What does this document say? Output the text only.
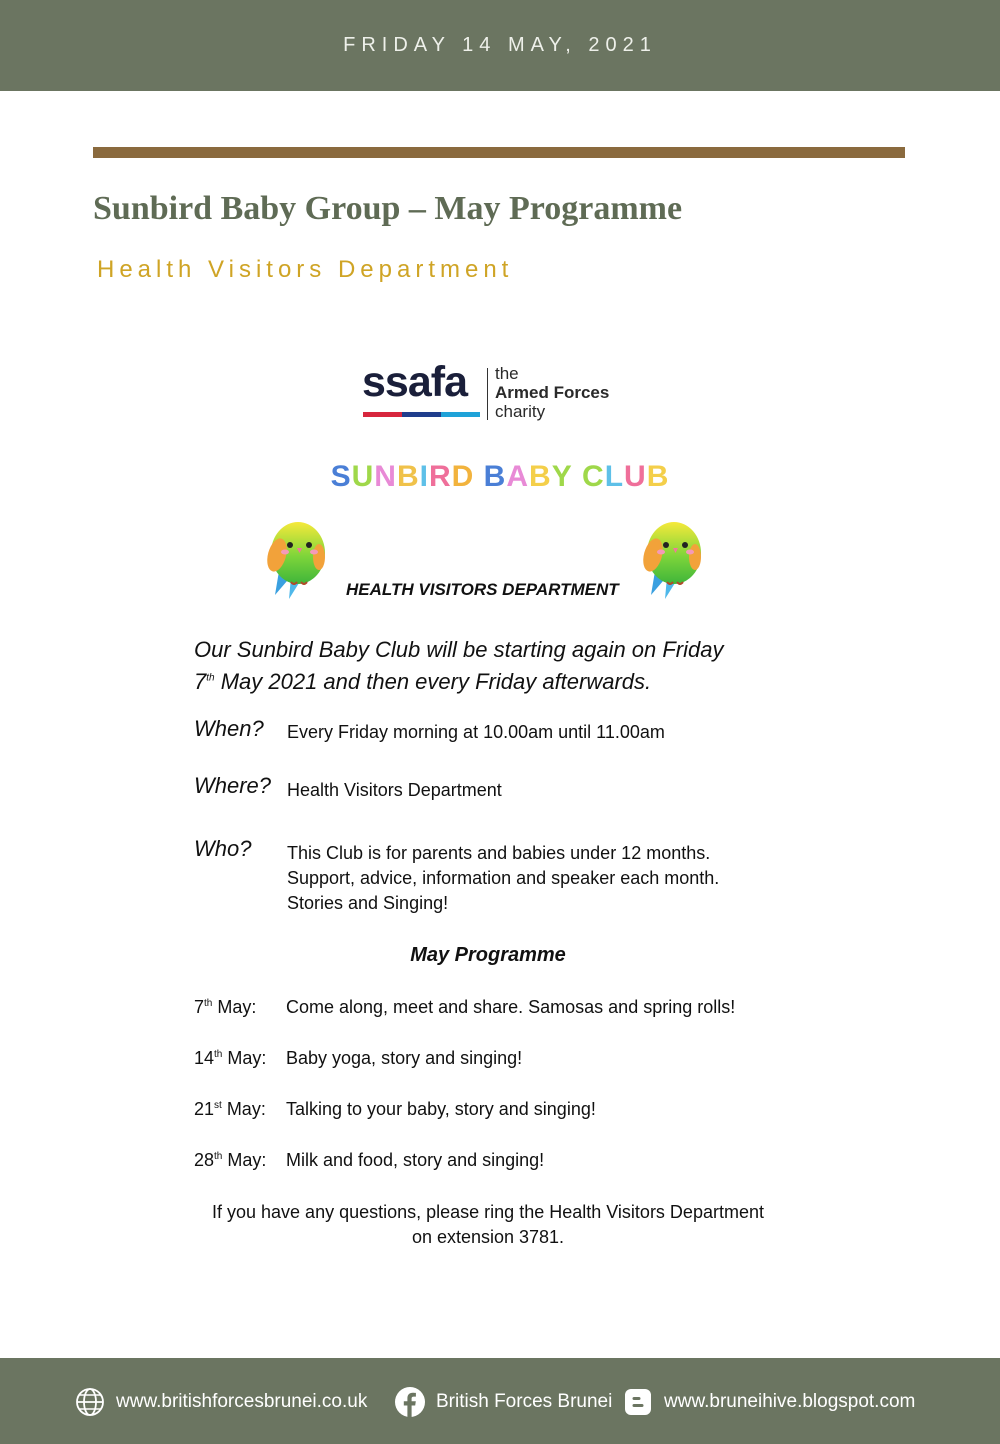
FRIDAY 14 MAY, 2021
Sunbird Baby Group – May Programme
Health Visitors Department
ssafa the
Armed Forces
charity
SUNBIRD BABY CLUB
HEALTH VISITORS DEPARTMENT
Our Sunbird Baby Club will be starting again on Friday
7th May 2021 and then every Friday afterwards.
When? Every Friday morning at 10.00am until 11.00am
Where? Health Visitors Department
Who? This Club is for parents and babies under 12 months.
Support, advice, information and speaker each month.
Stories and Singing!
May Programme
7th May: Come along, meet and share. Samosas and spring rolls!
14th May: Baby yoga, story and singing!
21st May: Talking to your baby, story and singing!
28th May: Milk and food, story and singing!
If you have any questions, please ring the Health Visitors Department
on extension 3781.
www.britishforcesbrunei.co.uk	British Forces Brunei	www.bruneihive.blogspot.com
